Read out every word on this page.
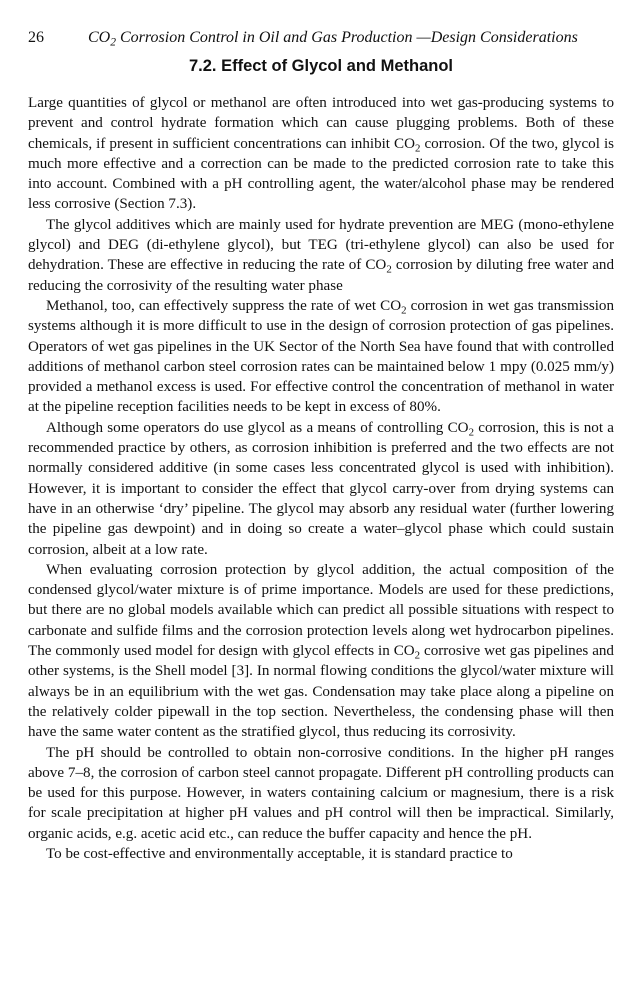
26	$CO_2$ Corrosion Control in Oil and Gas Production —Design Considerations
7.2. Effect of Glycol and Methanol

Large quantities of glycol or methanol are often introduced into wet gas-producing systems to prevent and control hydrate formation which can cause plugging problems. Both of these chemicals, if present in sufficient concentrations can inhibit $CO_2$ corrosion. Of the two, glycol is much more effective and a correction can be made to the predicted corrosion rate to take this into account. Combined with a pH controlling agent, the water/alcohol phase may be rendered less corrosive (Section 7.3).

The glycol additives which are mainly used for hydrate prevention are MEG (mono-ethylene glycol) and DEG (di-ethylene glycol), but TEG (tri-ethylene glycol) can also be used for dehydration. These are effective in reducing the rate of $CO_2$ corrosion by diluting free water and reducing the corrosivity of the resulting water phase

Methanol, too, can effectively suppress the rate of wet $CO_2$ corrosion in wet gas transmission systems although it is more difficult to use in the design of corrosion protection of gas pipelines. Operators of wet gas pipelines in the UK Sector of the North Sea have found that with controlled additions of methanol carbon steel corrosion rates can be maintained below 1 mpy (0.025 mm/y) provided a methanol excess is used. For effective control the concentration of methanol in water at the pipeline reception facilities needs to be kept in excess of 80%.

Although some operators do use glycol as a means of controlling $CO_2$ corrosion, this is not a recommended practice by others, as corrosion inhibition is preferred and the two effects are not normally considered additive (in some cases less concentrated glycol is used with inhibition). However, it is important to consider the effect that glycol carry-over from drying systems can have in an otherwise ‘dry’ pipeline. The glycol may absorb any residual water (further lowering the pipeline gas dewpoint) and in doing so create a water–glycol phase which could sustain corrosion, albeit at a low rate.

When evaluating corrosion protection by glycol addition, the actual composition of the condensed glycol/water mixture is of prime importance. Models are used for these predictions, but there are no global models available which can predict all possible situations with respect to carbonate and sulfide films and the corrosion protection levels along wet hydrocarbon pipelines. The commonly used model for design with glycol effects in $CO_2$ corrosive wet gas pipelines and other systems, is the Shell model [3]. In normal flowing conditions the glycol/water mixture will always be in an equilibrium with the wet gas. Condensation may take place along a pipeline on the relatively colder pipewall in the top section. Nevertheless, the condensing phase will then have the same water content as the stratified glycol, thus reducing its corrosivity.

The pH should be controlled to obtain non-corrosive conditions. In the higher pH ranges above 7–8, the corrosion of carbon steel cannot propagate. Different pH controlling products can be used for this purpose. However, in waters containing calcium or magnesium, there is a risk for scale precipitation at higher pH values and pH control will then be impractical. Similarly, organic acids, e.g. acetic acid etc., can reduce the buffer capacity and hence the pH.

To be cost-effective and environmentally acceptable, it is standard practice to
